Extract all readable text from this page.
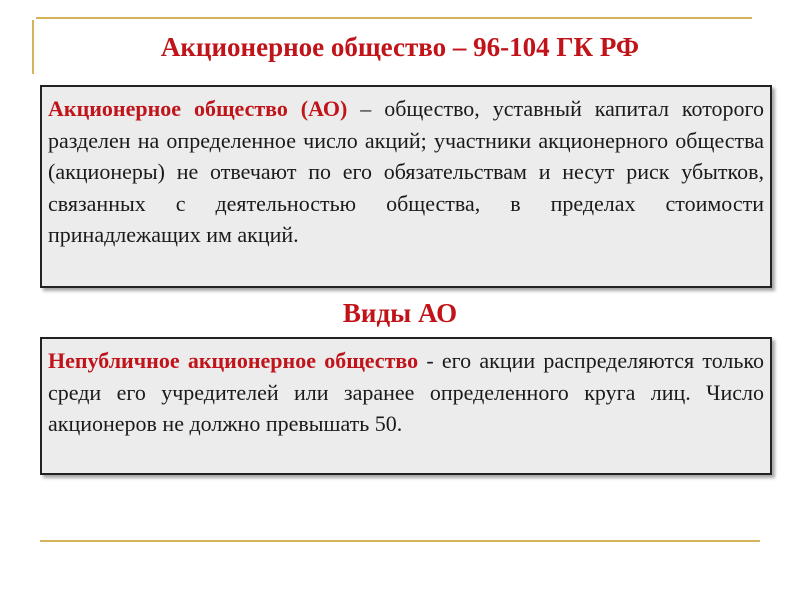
Акционерное общество – 96-104 ГК РФ
Акционерное общество (АО) – общество, уставный капитал которого разделен на определенное число акций; участники акционерного общества (акционеры) не отвечают по его обязательствам и несут риск убытков, связанных с деятельностью общества, в пределах стоимости принадлежащих им акций.
Виды АО
Непубличное акционерное общество - его акции распределяются только среди его учредителей или заранее определенного круга лиц. Число акционеров не должно превышать 50.
